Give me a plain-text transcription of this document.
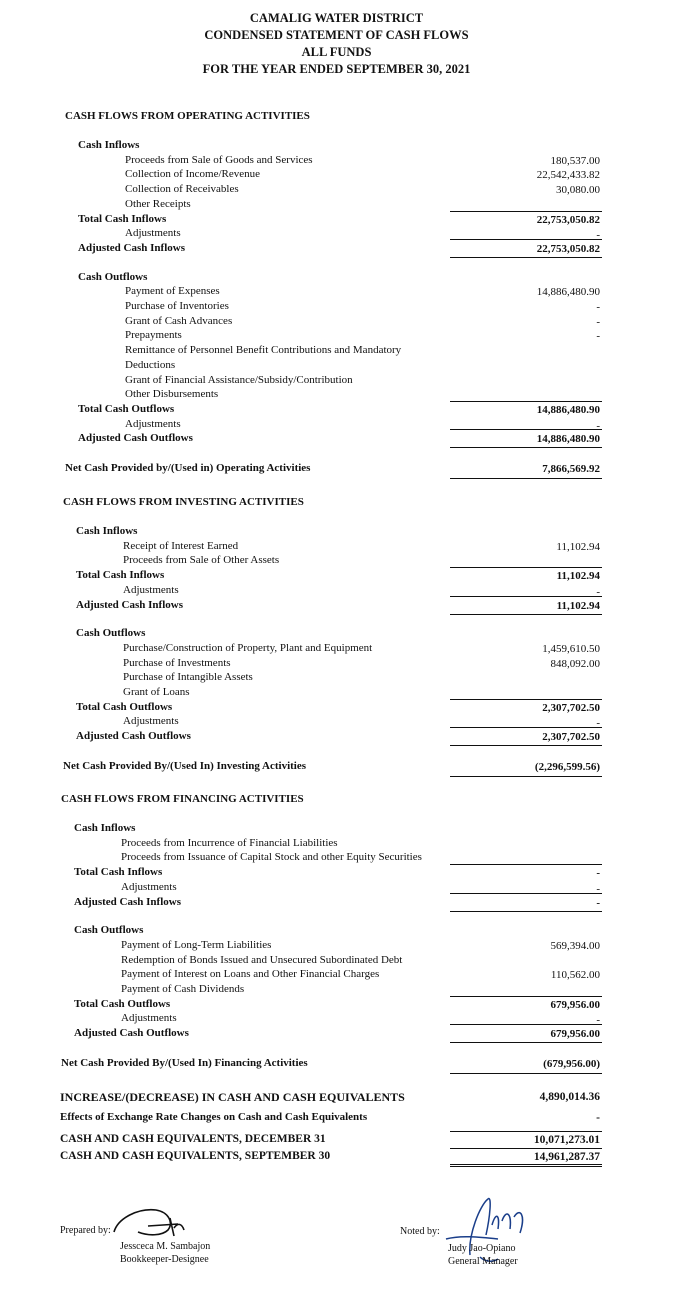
CAMALIG WATER DISTRICT
CONDENSED STATEMENT OF CASH FLOWS
ALL FUNDS
FOR THE YEAR ENDED SEPTEMBER 30, 2021
CASH FLOWS FROM OPERATING ACTIVITIES
Cash Inflows
Proceeds from Sale of Goods and Services	180,537.00
Collection of Income/Revenue	22,542,433.82
Collection of Receivables	30,080.00
Other Receipts
Total Cash Inflows	22,753,050.82
Adjustments	-
Adjusted Cash Inflows	22,753,050.82
Cash Outflows
Payment of Expenses	14,886,480.90
Purchase of Inventories	-
Grant of Cash Advances	-
Prepayments	-
Remittance of Personnel Benefit Contributions and Mandatory
Deductions
Grant of Financial Assistance/Subsidy/Contribution
Other Disbursements
Total Cash Outflows	14,886,480.90
Adjustments	-
Adjusted Cash Outflows	14,886,480.90
Net Cash Provided by/(Used in) Operating Activities	7,866,569.92
CASH FLOWS FROM INVESTING ACTIVITIES
Cash Inflows
Receipt of Interest Earned	11,102.94
Proceeds from Sale of Other Assets
Total Cash Inflows	11,102.94
Adjustments	-
Adjusted Cash Inflows	11,102.94
Cash Outflows
Purchase/Construction of Property, Plant and Equipment	1,459,610.50
Purchase of Investments	848,092.00
Purchase of Intangible Assets
Grant of Loans
Total Cash Outflows	2,307,702.50
Adjustments	-
Adjusted Cash Outflows	2,307,702.50
Net Cash Provided By/(Used In) Investing Activities	(2,296,599.56)
CASH FLOWS FROM FINANCING ACTIVITIES
Cash Inflows
Proceeds from Incurrence of Financial Liabilities
Proceeds from Issuance of Capital Stock and other Equity Securities
Total Cash Inflows	-
Adjustments	-
Adjusted Cash Inflows	-
Cash Outflows
Payment of Long-Term Liabilities	569,394.00
Redemption of Bonds Issued and Unsecured Subordinated Debt
Payment of Interest on Loans and Other Financial Charges	110,562.00
Payment of Cash Dividends
Total Cash Outflows	679,956.00
Adjustments	-
Adjusted Cash Outflows	679,956.00
Net Cash Provided By/(Used In) Financing Activities	(679,956.00)
INCREASE/(DECREASE) IN CASH AND CASH EQUIVALENTS	4,890,014.36
Effects of Exchange Rate Changes on Cash and Cash Equivalents	-
CASH AND CASH EQUIVALENTS, DECEMBER 31	10,071,273.01
CASH AND CASH EQUIVALENTS, SEPTEMBER 30	14,961,287.37
Prepared by:
Jessceca M. Sambajon
Bookkeeper-Designee
Noted by:
Judy Jao-Opiano
General Manager
